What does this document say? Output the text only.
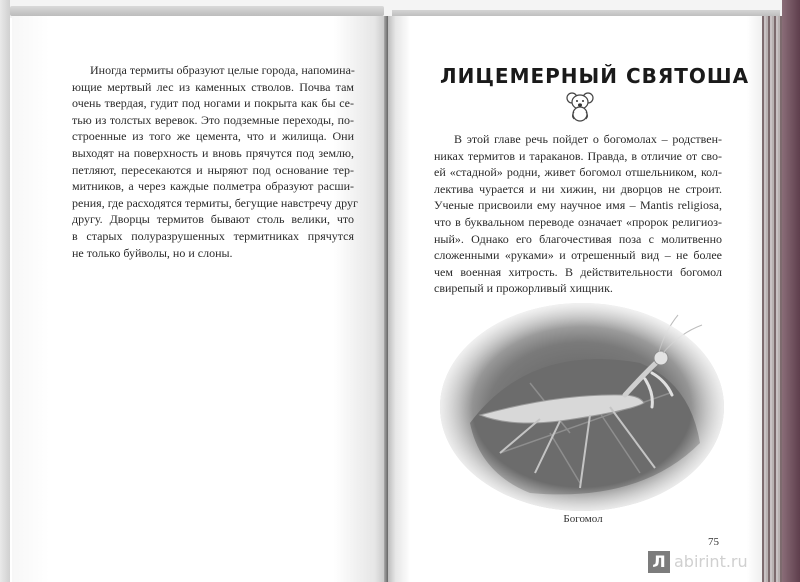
Иногда термиты образуют целые города, напомина-
ющие мертвый лес из каменных стволов. Почва там
очень твердая, гудит под ногами и покрыта как бы се-
тью из толстых веревок. Это подземные переходы, по-
строенные из того же цемента, что и жилища. Они
выходят на поверхность и вновь прячутся под землю,
петляют, пересекаются и ныряют под основание тер-
митников, а через каждые полметра образуют расши-
рения, где расходятся термиты, бегущие навстречу друг
другу. Дворцы термитов бывают столь велики, что
в старых полуразрушенных термитниках прячутся
не только буйволы, но и слоны.

ЛИЦЕМЕРНЫЙ СВЯТОША

В этой главе речь пойдет о богомолах – родствен-
никах термитов и тараканов. Правда, в отличие от сво-
ей «стадной» родни, живет богомол отшельником, кол-
лектива чурается и ни хижин, ни дворцов не строит.
Ученые присвоили ему научное имя – Mantis religiosa,
что в буквальном переводе означает «пророк религиоз-
ный». Однако его благочестивая поза с молитвенно
сложенными «руками» и отрешенный вид – не более
чем военная хитрость. В действительности богомол
свирепый и прожорливый хищник.

Богомол

75
Л abirint.ru
